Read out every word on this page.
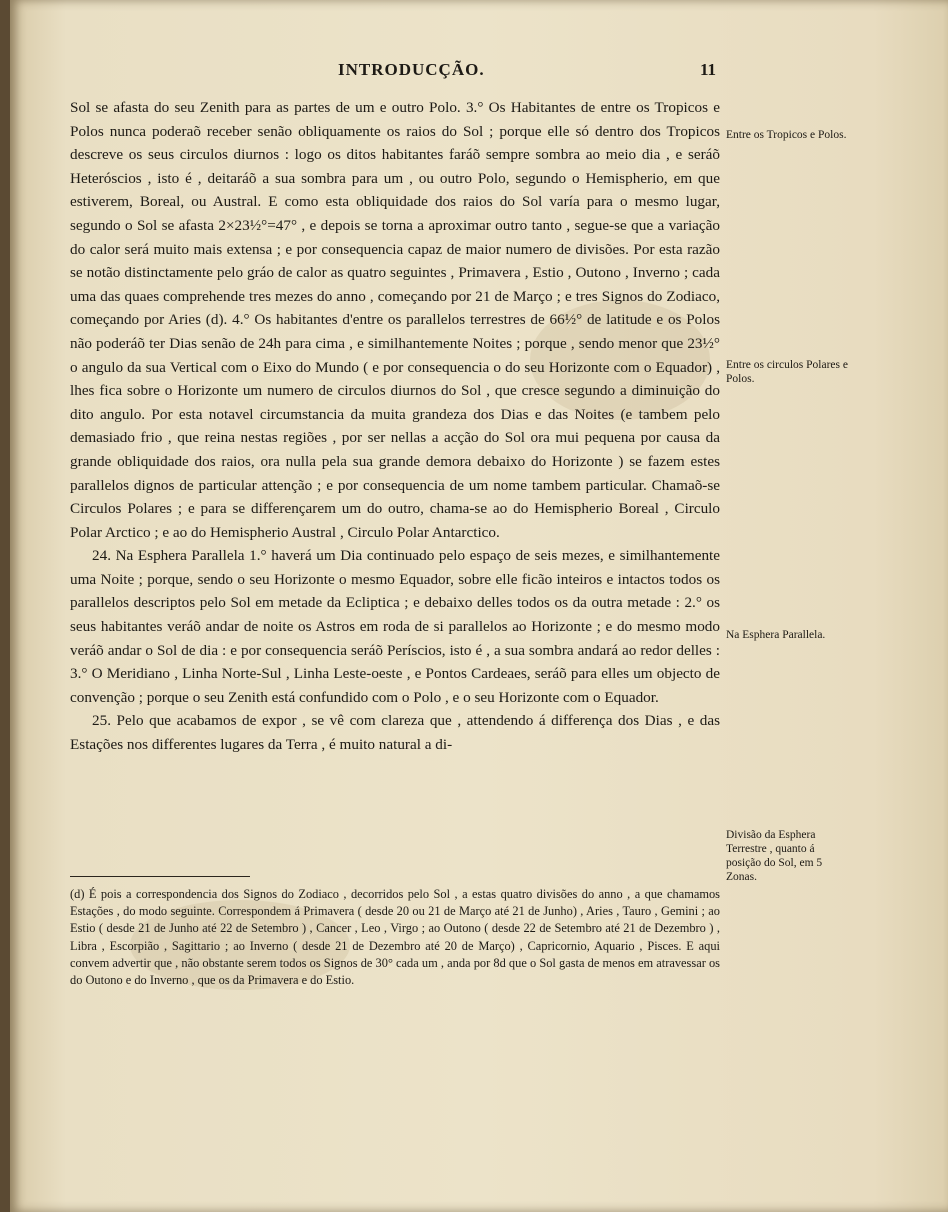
INTRODUCÇÃO.	11

Sol se afasta do seu Zenith para as partes de um e outro Polo. 3.° Os Habitantes de entre os Tropicos e Polos nunca poderaõ receber senão obliquamente os raios do Sol ; porque elle só dentro dos Tropicos descreve os seus circulos diurnos : logo os ditos habitantes faráõ sempre sombra ao meio dia , e seráõ Heteróscios , isto é , deitaráõ a sua sombra para um , ou outro Polo, segundo o Hemispherio, em que estiverem, Boreal, ou Austral. E como esta obliquidade dos raios do Sol varía para o mesmo lugar, segundo o Sol se afasta 2×23½°=47° , e depois se torna a aproximar outro tanto , segue-se que a variação do calor será muito mais extensa ; e por consequencia capaz de maior numero de divisões. Por esta razão se notão distinctamente pelo gráo de calor as quatro seguintes , Primavera , Estio , Outono , Inverno ; cada uma das quaes comprehende tres mezes do anno , começando por 21 de Março ; e tres Signos do Zodiaco, começando por Aries (d). 4.° Os habitantes d'entre os parallelos terrestres de 66½° de latitude e os Polos não poderáõ ter Dias senão de 24h para cima , e similhantemente Noites ; porque , sendo menor que 23½° o angulo da sua Vertical com o Eixo do Mundo ( e por consequencia o do seu Horizonte com o Equador) , lhes fica sobre o Horizonte um numero de circulos diurnos do Sol , que cresce segundo a diminuição do dito angulo. Por esta notavel circumstancia da muita grandeza dos Dias e das Noites (e tambem pelo demasiado frio , que reina nestas regiões , por ser nellas a acção do Sol ora mui pequena por causa da grande obliquidade dos raios, ora nulla pela sua grande demora debaixo do Horizonte ) se fazem estes parallelos dignos de particular attenção ; e por consequencia de um nome tambem particular. Chamaõ-se Circulos Polares ; e para se differençarem um do outro, chama-se ao do Hemispherio Boreal , Circulo Polar Arctico ; e ao do Hemispherio Austral , Circulo Polar Antarctico.

24. Na Esphera Parallela 1.° haverá um Dia continuado pelo espaço de seis mezes, e similhantemente uma Noite ; porque, sendo o seu Horizonte o mesmo Equador, sobre elle ficão inteiros e intactos todos os parallelos descriptos pelo Sol em metade da Ecliptica ; e debaixo delles todos os da outra metade : 2.° os seus habitantes veráõ andar de noite os Astros em roda de si parallelos ao Horizonte ; e do mesmo modo veráõ andar o Sol de dia : e por consequencia seráõ Períscios, isto é , a sua sombra andará ao redor delles : 3.° O Meridiano , Linha Norte-Sul , Linha Leste-oeste , e Pontos Cardeaes, seráõ para elles um objecto de convenção ; porque o seu Zenith está confundido com o Polo , e o seu Horizonte com o Equador.

25. Pelo que acabamos de expor , se vê com clareza que , attendendo á differença dos Dias , e das Estações nos differentes lugares da Terra , é muito natural a di-

Entre os Tropicos e Polos.
Entre os circulos Polares e Polos.
Na Esphera Parallela.
Divisão da Esphera Terrestre , quanto á posição do Sol, em 5 Zonas.
(d) É pois a correspondencia dos Signos do Zodiaco , decorridos pelo Sol , a estas quatro divisões do anno , a que chamamos Estações , do modo seguinte. Correspondem á Primavera ( desde 20 ou 21 de Março até 21 de Junho) , Aries , Tauro , Gemini ; ao Estio ( desde 21 de Junho até 22 de Setembro ) , Cancer , Leo , Virgo ; ao Outono ( desde 22 de Setembro até 21 de Dezembro ) , Libra , Escorpião , Sagittario ; ao Inverno ( desde 21 de Dezembro até 20 de Março) , Capricornio, Aquario , Pisces. E aqui convem advertir que , não obstante serem todos os Signos de 30° cada um , anda por 8d que o Sol gasta de menos em atravessar os do Outono e do Inverno , que os da Primavera e do Estio.
